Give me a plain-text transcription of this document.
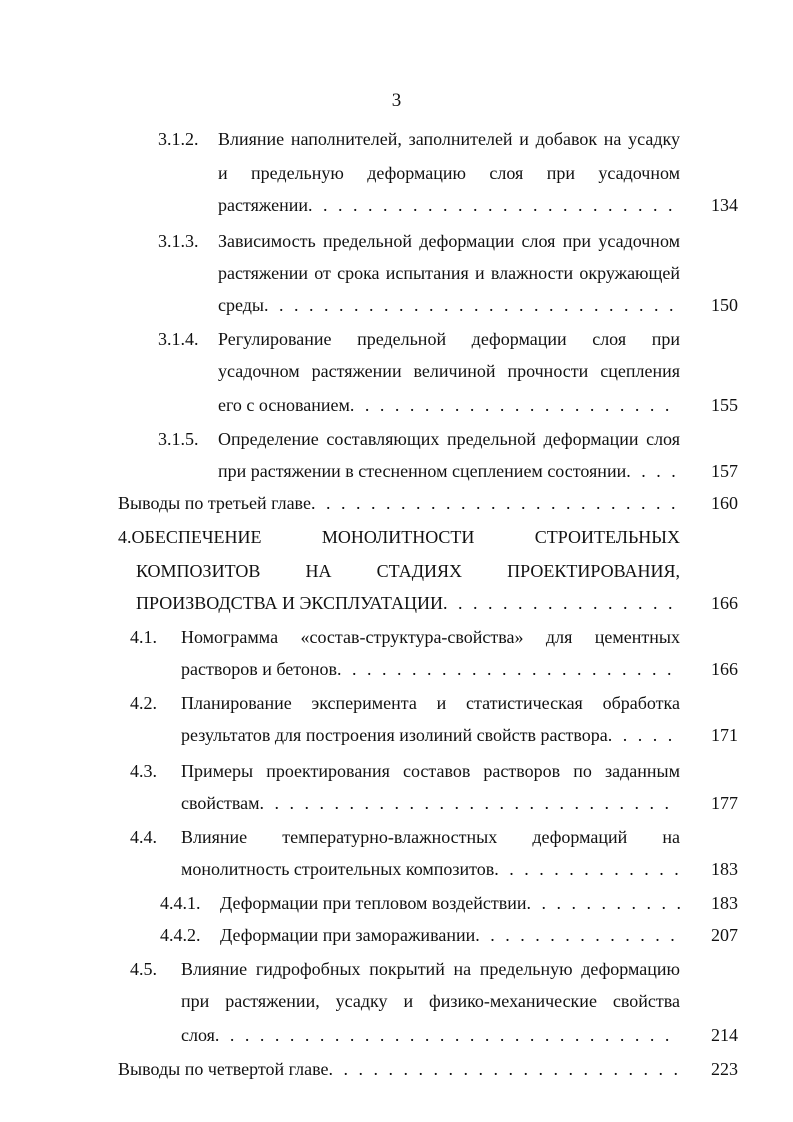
3
3.1.2. Влияние наполнителей, заполнителей и добавок на усадку
и предельную деформацию слоя при усадочном
растяжении . . .	134
3.1.3. Зависимость предельной деформации слоя при усадочном
растяжении от срока испытания и влажности окружающей
среды . . .	150
3.1.4. Регулирование предельной деформации слоя при
усадочном растяжении величиной прочности сцепления
его с основанием . . .	155
3.1.5. Определение составляющих предельной деформации слоя
при растяжении в стесненном сцеплением состоянии . . .	157
Выводы по третьей главе . . .	160
4.ОБЕСПЕЧЕНИЕ МОНОЛИТНОСТИ СТРОИТЕЛЬНЫХ
КОМПОЗИТОВ НА СТАДИЯХ ПРОЕКТИРОВАНИЯ,
ПРОИЗВОДСТВА И ЭКСПЛУАТАЦИИ . . .	166
4.1. Номограмма «состав-структура-свойства» для цементных
растворов и бетонов . . .	166
4.2. Планирование эксперимента и статистическая обработка
результатов для построения изолиний свойств раствора . . .	171
4.3. Примеры проектирования составов растворов по заданным
свойствам . . .	177
4.4. Влияние температурно-влажностных деформаций на
монолитность строительных композитов . . .	183
4.4.1. Деформации при тепловом воздействии . . .	183
4.4.2. Деформации при замораживании . . .	207
4.5. Влияние гидрофобных покрытий на предельную деформацию
при растяжении, усадку и физико-механические свойства
слоя . . .	214
Выводы по четвертой главе . . .	223
